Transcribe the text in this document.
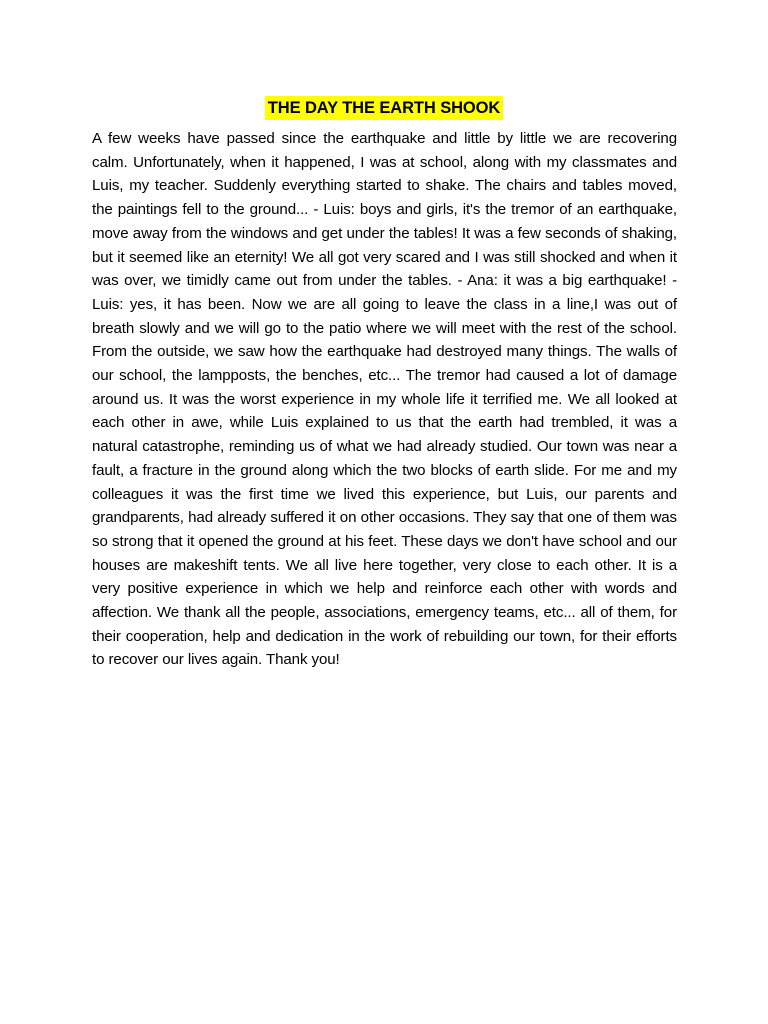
THE DAY THE EARTH SHOOK

A few weeks have passed since the earthquake and little by little we are recovering calm. Unfortunately, when it happened, I was at school, along with my classmates and Luis, my teacher. Suddenly everything started to shake. The chairs and tables moved, the paintings fell to the ground... - Luis: boys and girls, it's the tremor of an earthquake, move away from the windows and get under the tables! It was a few seconds of shaking, but it seemed like an eternity! We all got very scared and I was still shocked and when it was over, we timidly came out from under the tables. - Ana: it was a big earthquake! - Luis: yes, it has been. Now we are all going to leave the class in a line,I was out of breath slowly and we will go to the patio where we will meet with the rest of the school. From the outside, we saw how the earthquake had destroyed many things. The walls of our school, the lampposts, the benches, etc... The tremor had caused a lot of damage around us. It was the worst experience in my whole life it terrified me. We all looked at each other in awe, while Luis explained to us that the earth had trembled, it was a natural catastrophe, reminding us of what we had already studied. Our town was near a fault, a fracture in the ground along which the two blocks of earth slide. For me and my colleagues it was the first time we lived this experience, but Luis, our parents and grandparents, had already suffered it on other occasions. They say that one of them was so strong that it opened the ground at his feet. These days we don't have school and our houses are makeshift tents. We all live here together, very close to each other. It is a very positive experience in which we help and reinforce each other with words and affection. We thank all the people, associations, emergency teams, etc... all of them, for their cooperation, help and dedication in the work of rebuilding our town, for their efforts to recover our lives again. Thank you!
